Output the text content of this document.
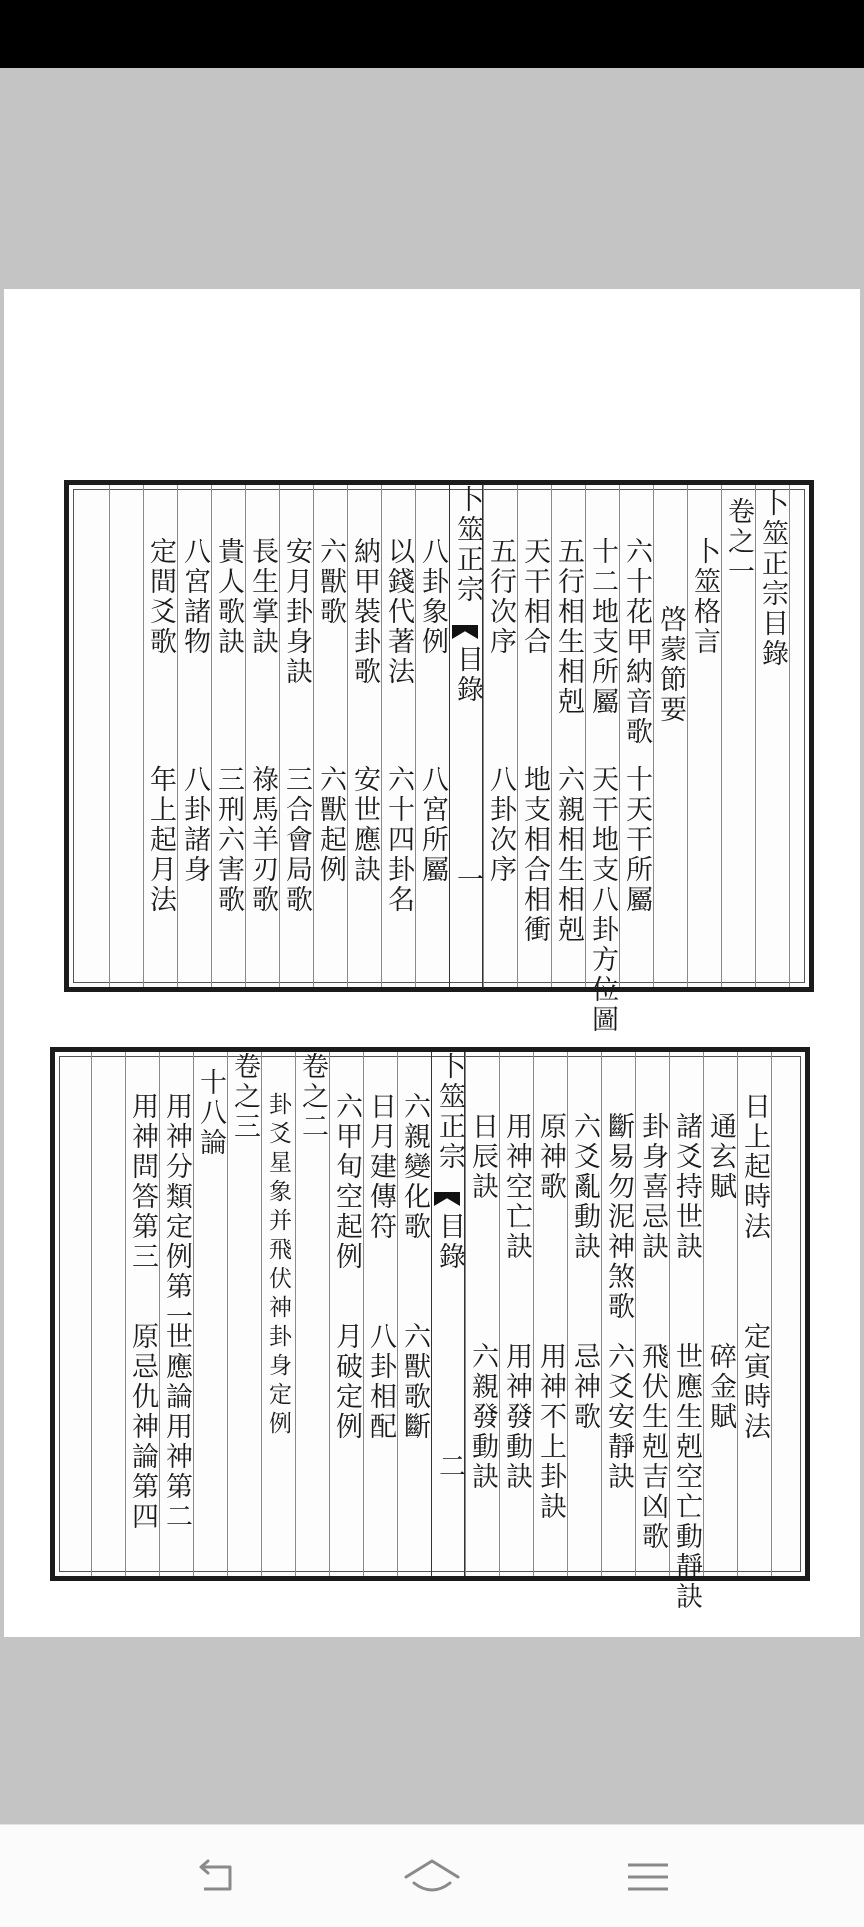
卜筮正宗目錄
卷之一
卜筮格言
啓蒙節要
六十花甲納音歌
十天干所屬
十二地支所屬
天干地支八卦方位圖
五行相生相剋
六親相生相剋
天干相合
地支相合相衝
五行次序
八卦次序
卜筮正宗
目錄
一
八卦象例
八宮所屬
以錢代著法
六十四卦名
納甲裝卦歌
安世應訣
六獸歌
六獸起例
安月卦身訣
三合會局歌
長生掌訣
祿馬羊刃歌
貴人歌訣
三刑六害歌
八宮諸物
八卦諸身
定間爻歌
年上起月法
日上起時法
定寅時法
通玄賦
碎金賦
諸爻持世訣
世應生剋空亡動靜訣
卦身喜忌訣
飛伏生剋吉凶歌
斷易勿泥神煞歌
六爻安靜訣
六爻亂動訣
忌神歌
原神歌
用神不上卦訣
用神空亡訣
用神發動訣
日辰訣
六親發動訣
卜筮正宗
目錄
二
六親變化歌
六獸歌斷
日月建傳符
八卦相配
六甲旬空起例
月破定例
卷之二
卦爻星象并飛伏神卦身定例
卷之三
十八論
用神分類定例第一
世應論用神第二
用神問答第三
原忌仇神論第四
